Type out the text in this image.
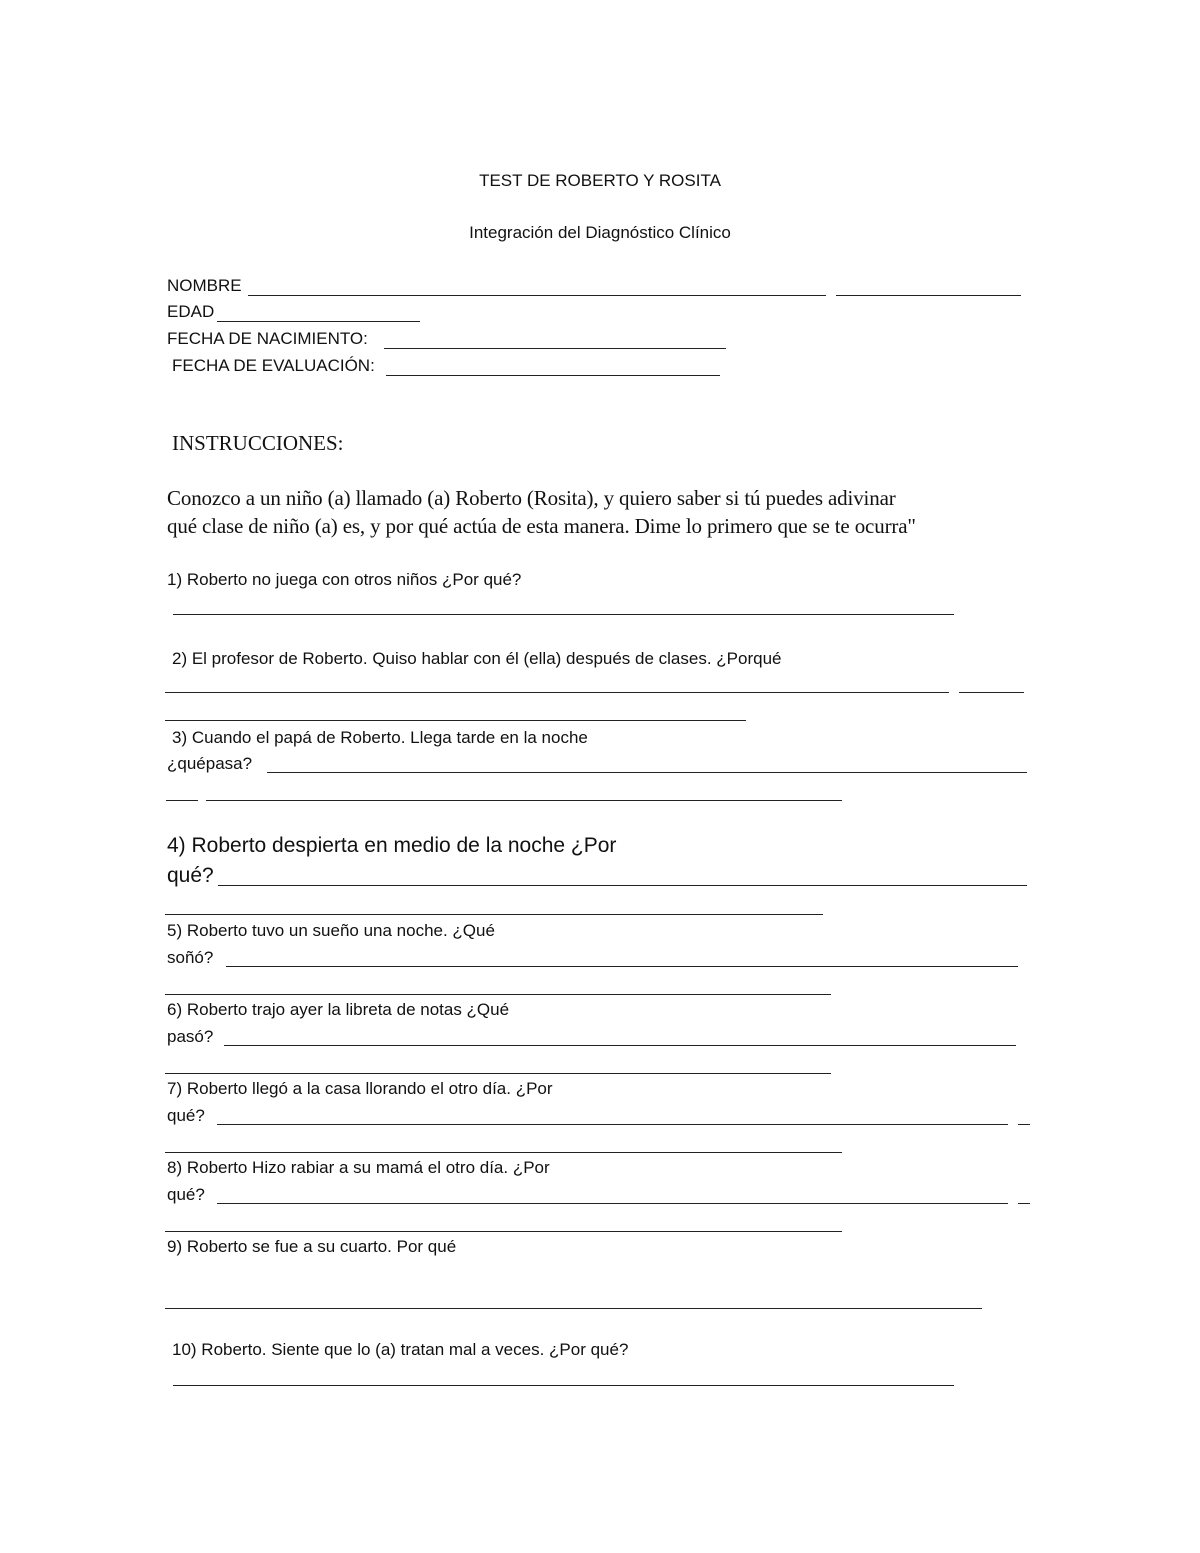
TEST DE ROBERTO Y ROSITA
Integración del Diagnóstico Clínico
NOMBRE
EDAD
FECHA DE NACIMIENTO:
FECHA DE EVALUACIÓN:
INSTRUCCIONES:
Conozco a un niño (a) llamado (a) Roberto (Rosita), y quiero saber si tú puedes adivinar
qué clase de niño (a) es, y por qué actúa de esta manera. Dime lo primero que se te ocurra"
1) Roberto no juega con otros niños ¿Por qué?
2) El profesor de Roberto. Quiso hablar con él (ella) después de clases. ¿Porqué
3) Cuando el papá de Roberto. Llega tarde en la noche
¿quépasa?
4) Roberto despierta en medio de la noche ¿Por
qué?
5) Roberto tuvo un sueño una noche. ¿Qué
soñó?
6) Roberto trajo ayer la libreta de notas ¿Qué
pasó?
7) Roberto llegó a la casa llorando el otro día. ¿Por
qué?
8) Roberto Hizo rabiar a su mamá el otro día. ¿Por
qué?
9) Roberto se fue a su cuarto. Por qué
10) Roberto. Siente que lo (a) tratan mal a veces. ¿Por qué?
